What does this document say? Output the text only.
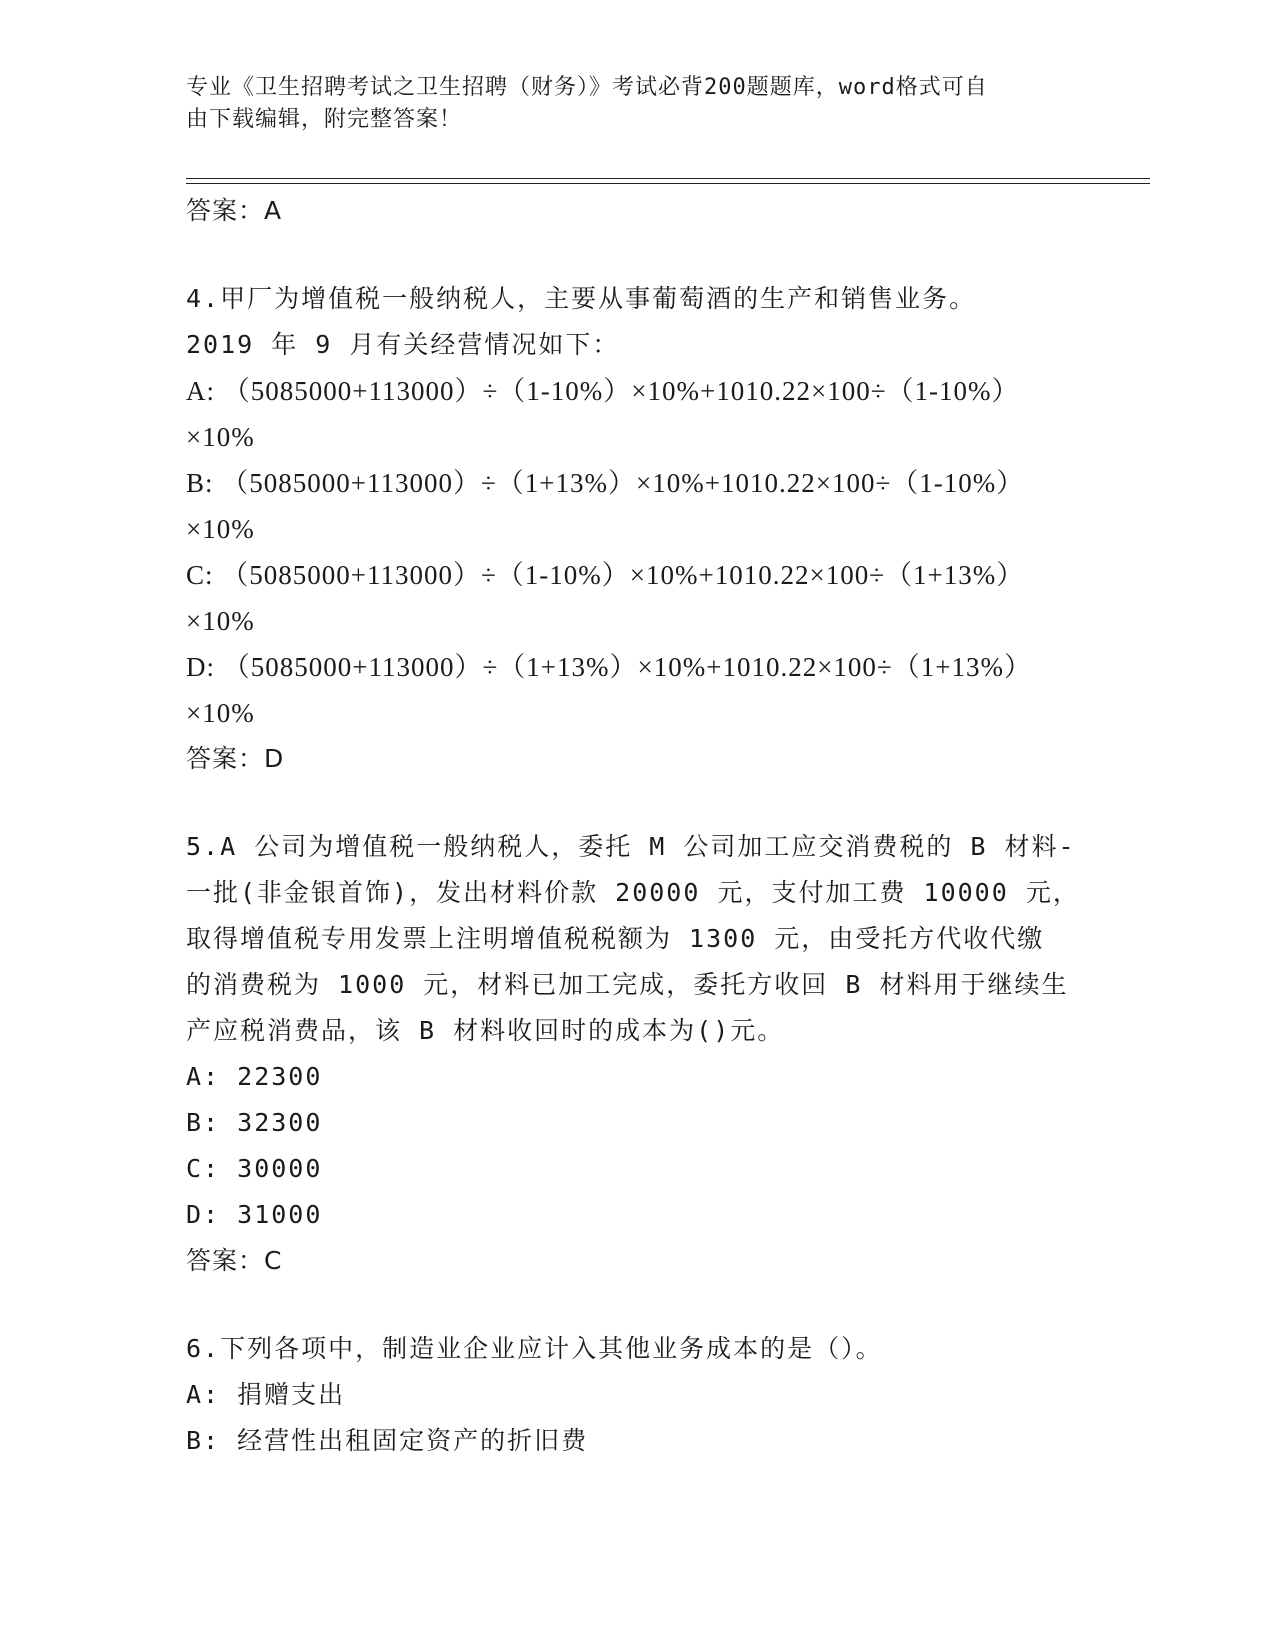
专业《卫生招聘考试之卫生招聘（财务）》考试必背200题题库，word格式可自
由下载编辑，附完整答案！
答案：A
4.甲厂为增值税一般纳税人，主要从事葡萄酒的生产和销售业务。
2019 年 9 月有关经营情况如下：
A: （5085000+113000）÷（1-10%）×10%+1010.22×100÷（1-10%）
×10%
B: （5085000+113000）÷（1+13%）×10%+1010.22×100÷（1-10%）
×10%
C: （5085000+113000）÷（1-10%）×10%+1010.22×100÷（1+13%）
×10%
D: （5085000+113000）÷（1+13%）×10%+1010.22×100÷（1+13%）
×10%
答案：D
5.A 公司为增值税一般纳税人，委托 M 公司加工应交消费税的 B 材料-
一批(非金银首饰)，发出材料价款 20000 元，支付加工费 10000 元，
取得增值税专用发票上注明增值税税额为 1300 元，由受托方代收代缴
的消费税为 1000 元，材料已加工完成，委托方收回 B 材料用于继续生
产应税消费品，该 B 材料收回时的成本为()元。
A: 22300
B: 32300
C: 30000
D: 31000
答案：C
6.下列各项中，制造业企业应计入其他业务成本的是（）。
A: 捐赠支出
B: 经营性出租固定资产的折旧费
